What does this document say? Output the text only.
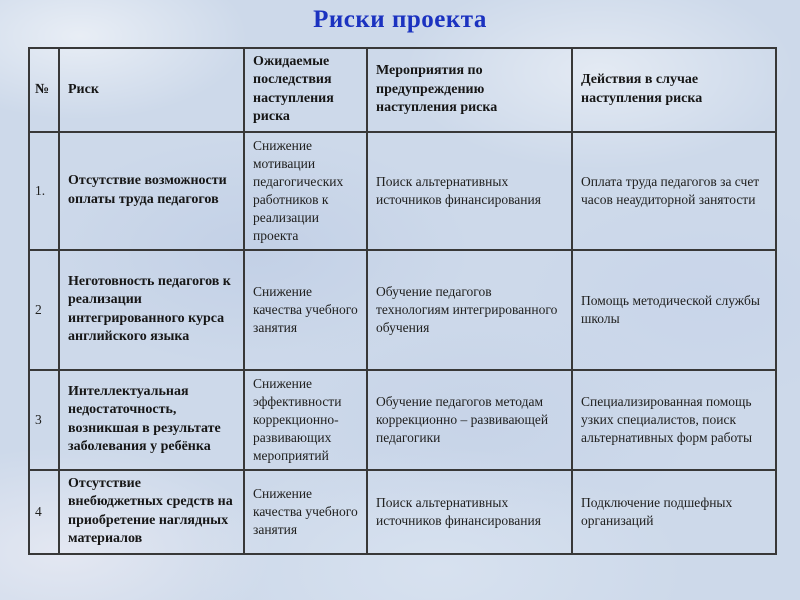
Риски проекта
№	Риск	Ожидаемые последствия наступления риска	Мероприятия по предупреждению наступления риска	Действия в случае наступления риска
1.	Отсутствие возможности оплаты труда педагогов	Снижение мотивации педагогических работников к реализации проекта	Поиск альтернативных источников финансирования	Оплата труда педагогов за счет часов неаудиторной занятости
2	Неготовность педагогов к реализации интегрированного курса английского языка	Снижение качества учебного занятия	Обучение педагогов технологиям интегрированного обучения	Помощь методической службы школы
3	Интеллектуальная недостаточность, возникшая в результате заболевания у ребёнка	Снижение эффективности коррекционно-развивающих мероприятий	Обучение педагогов методам коррекционно – развивающей педагогики	Специализированная помощь узких специалистов, поиск альтернативных форм работы
4	Отсутствие внебюджетных средств на приобретение наглядных материалов	Снижение качества учебного занятия	Поиск альтернативных источников финансирования	Подключение подшефных организаций
